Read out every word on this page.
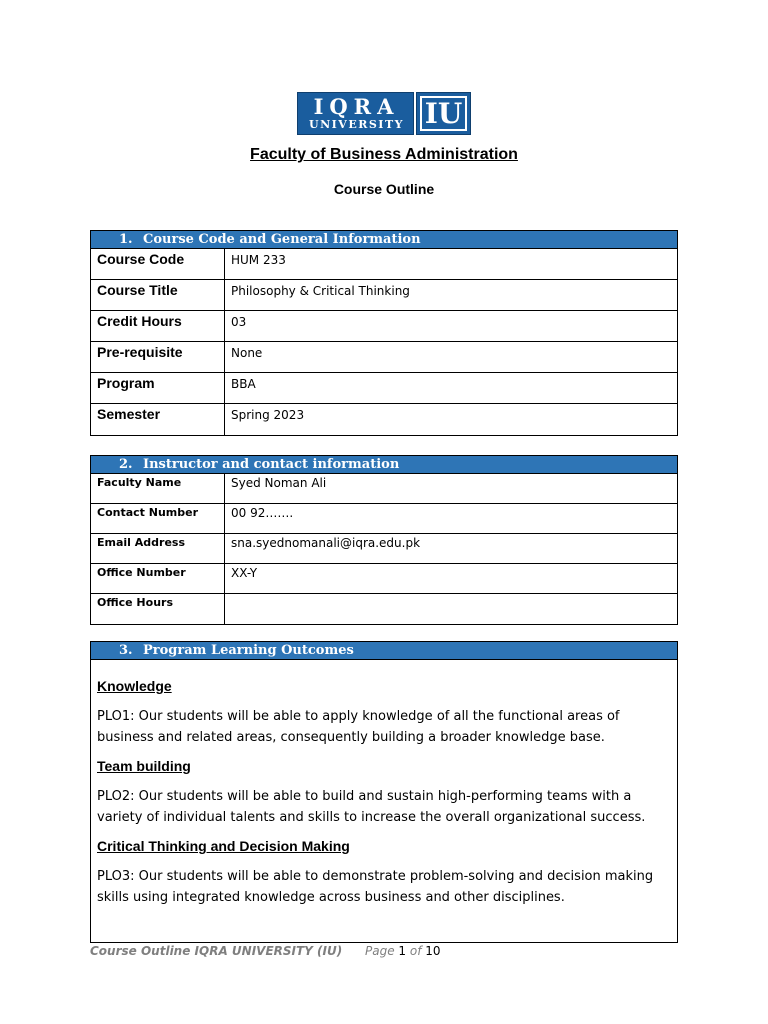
IQRA
UNIVERSITY IU
Faculty of Business Administration
Course Outline
1. Course Code and General Information
Course Code	HUM 233
Course Title	Philosophy & Critical Thinking
Credit Hours	03
Pre-requisite	None
Program	BBA
Semester	Spring 2023
2. Instructor and contact information
Faculty Name	Syed Noman Ali
Contact Number	00 92…….
Email Address	sna.syednomanali@iqra.edu.pk
Office Number	XX-Y
Office Hours
3. Program Learning Outcomes
Knowledge
PLO1: Our students will be able to apply knowledge of all the functional areas of business and related areas, consequently building a broader knowledge base.
Team building
PLO2: Our students will be able to build and sustain high-performing teams with a variety of individual talents and skills to increase the overall organizational success.
Critical Thinking and Decision Making
PLO3: Our students will be able to demonstrate problem-solving and decision making skills using integrated knowledge across business and other disciplines.
Course Outline IQRA UNIVERSITY (IU) Page 1 of 10
